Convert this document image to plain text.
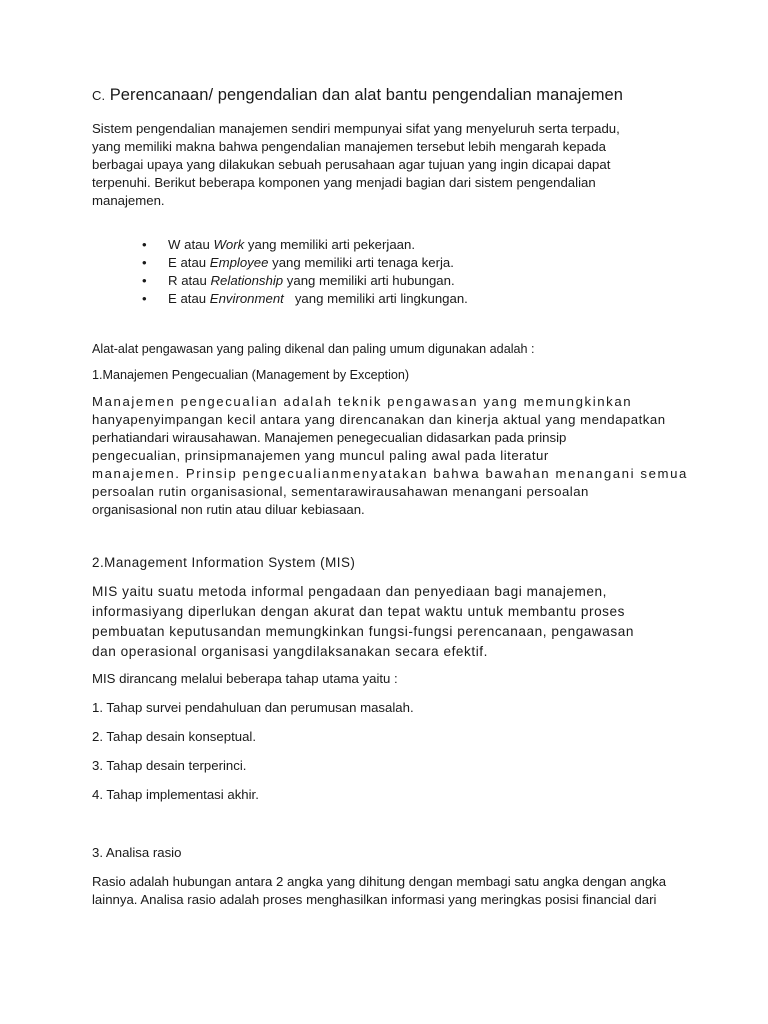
C. Perencanaan/ pengendalian dan alat bantu pengendalian manajemen
Sistem pengendalian manajemen sendiri mempunyai sifat yang menyeluruh serta terpadu,
yang memiliki makna bahwa pengendalian manajemen tersebut lebih mengarah kepada
berbagai upaya yang dilakukan sebuah perusahaan agar tujuan yang ingin dicapai dapat
terpenuhi. Berikut beberapa komponen yang menjadi bagian dari sistem pengendalian
manajemen.
• W atau Work yang memiliki arti pekerjaan.
• E atau Employee yang memiliki arti tenaga kerja.
• R atau Relationship yang memiliki arti hubungan.
• E atau Environment   yang memiliki arti lingkungan.
Alat-alat pengawasan yang paling dikenal dan paling umum digunakan adalah :
1.Manajemen Pengecualian (Management by Exception)
Manajemen pengecualian adalah teknik pengawasan yang memungkinkan
hanyapenyimpangan kecil antara yang direncanakan dan kinerja aktual yang mendapatkan
perhatiandari wirausahawan. Manajemen penegecualian didasarkan pada prinsip
pengecualian, prinsipmanajemen yang muncul paling awal pada literatur
manajemen. Prinsip pengecualianmenyatakan bahwa bawahan menangani semua
persoalan rutin organisasional, sementarawirausahawan menangani persoalan
organisasional non rutin atau diluar kebiasaan.
2.Management Information System (MIS)
MIS yaitu suatu metoda informal pengadaan dan penyediaan bagi manajemen,
informasiyang diperlukan dengan akurat dan tepat waktu untuk membantu proses
pembuatan keputusandan memungkinkan fungsi-fungsi perencanaan, pengawasan
dan operasional organisasi yangdilaksanakan secara efektif.
MIS dirancang melalui beberapa tahap utama yaitu :
1. Tahap survei pendahuluan dan perumusan masalah.
2. Tahap desain konseptual.
3. Tahap desain terperinci.
4. Tahap implementasi akhir.
3. Analisa rasio
Rasio adalah hubungan antara 2 angka yang dihitung dengan membagi satu angka dengan angka
lainnya. Analisa rasio adalah proses menghasilkan informasi yang meringkas posisi financial dari
